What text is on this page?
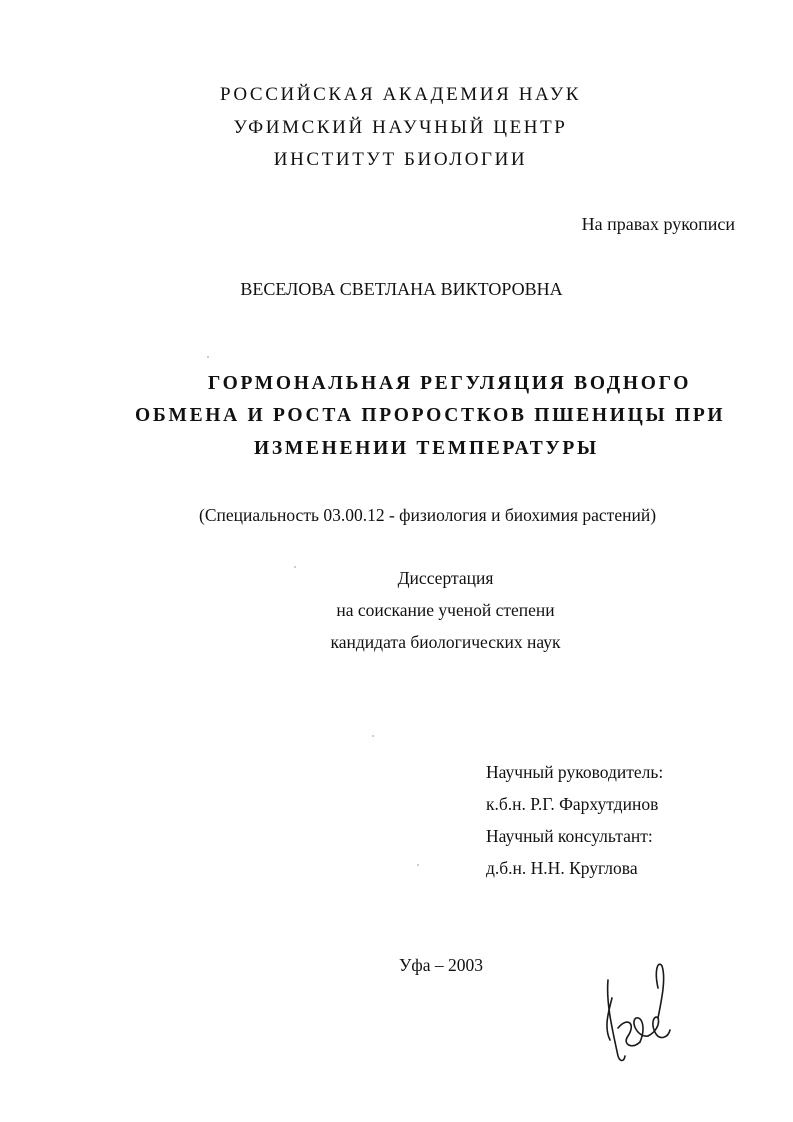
РОССИЙСКАЯ АКАДЕМИЯ НАУК
УФИМСКИЙ НАУЧНЫЙ ЦЕНТР
ИНСТИТУТ БИОЛОГИИ
На правах рукописи
ВЕСЕЛОВА СВЕТЛАНА ВИКТОРОВНА
ГОРМОНАЛЬНАЯ РЕГУЛЯЦИЯ ВОДНОГО
ОБМЕНА И РОСТА ПРОРОСТКОВ ПШЕНИЦЫ ПРИ
ИЗМЕНЕНИИ ТЕМПЕРАТУРЫ
(Специальность 03.00.12 - физиология и биохимия растений)
Диссертация
на соискание ученой степени
кандидата биологических наук
Научный руководитель:
к.б.н. Р.Г. Фархутдинов
Научный консультант:
д.б.н. Н.Н. Круглова
Уфа – 2003
